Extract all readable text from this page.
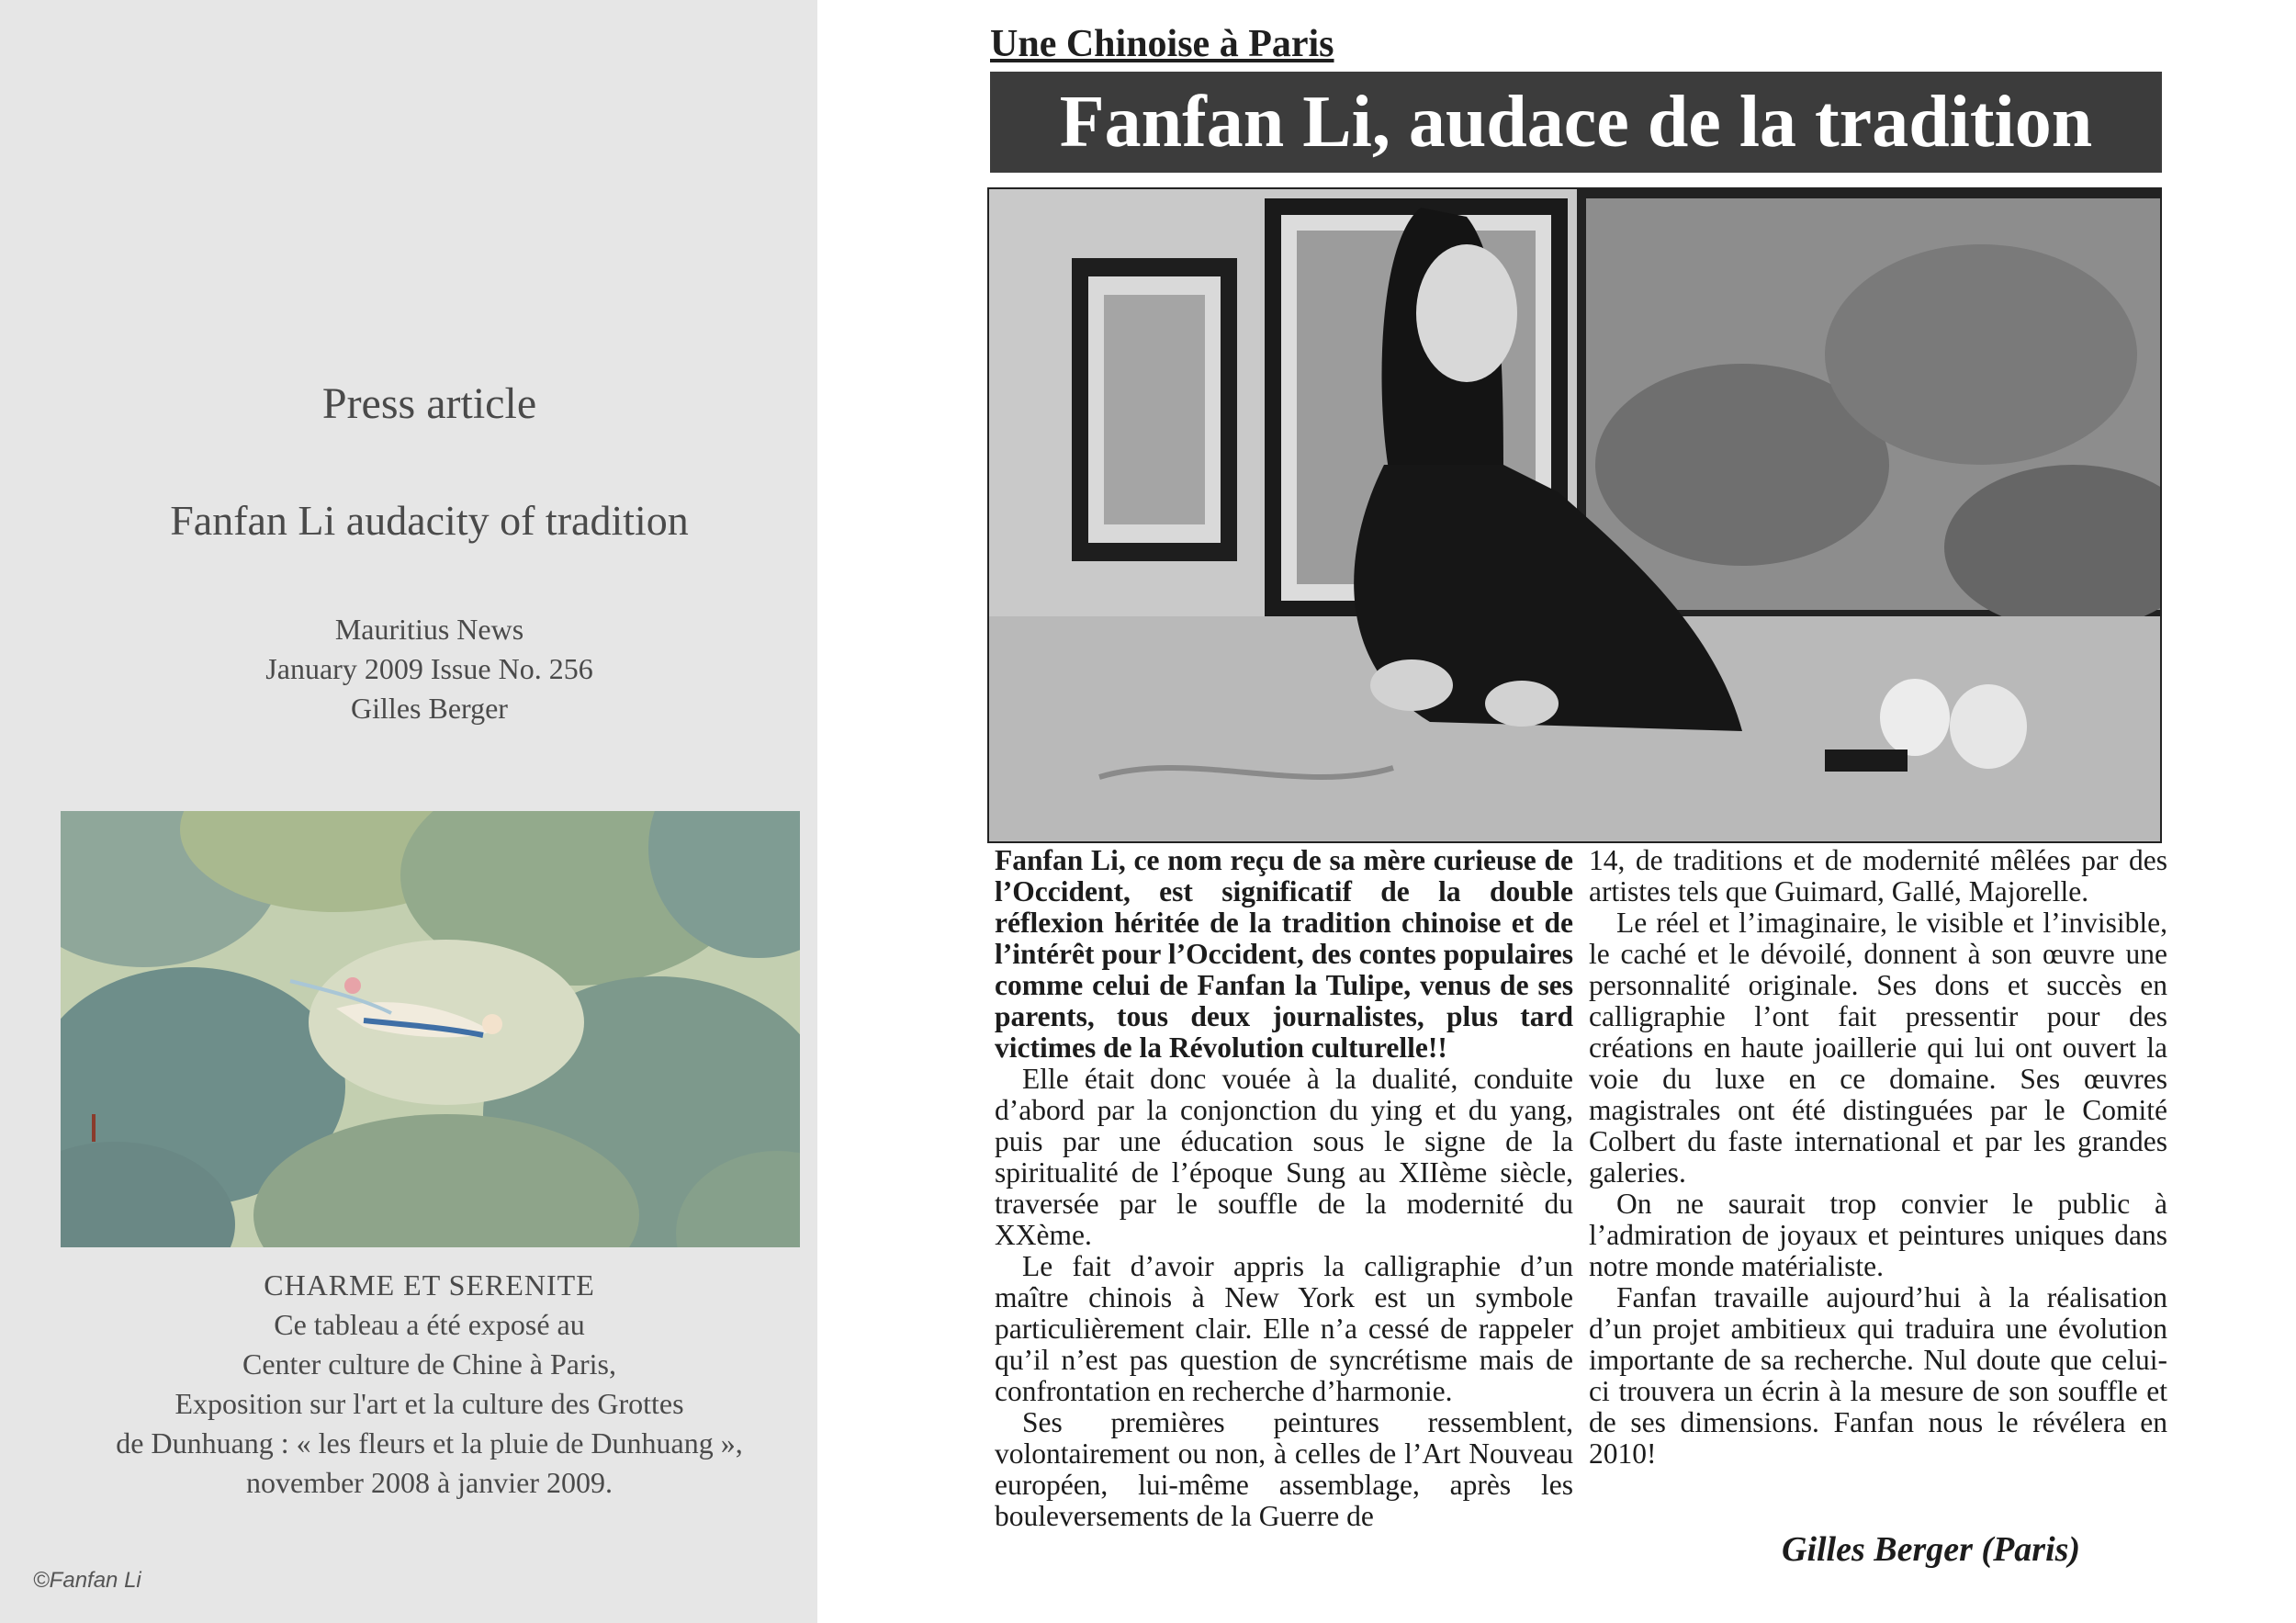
Press article
Fanfan Li audacity of tradition
Mauritius News
January 2009 Issue No. 256
Gilles Berger
CHARME ET SERENITE
Ce tableau a été exposé au
Center culture de Chine à Paris,
Exposition sur l'art et la culture des Grottes
de Dunhuang : « les fleurs et la pluie de Dunhuang »,
november 2008 à janvier 2009.
©Fanfan Li
Une Chinoise à Paris
Fanfan Li, audace de la tradition

Fanfan Li, ce nom reçu de sa mère curieuse de l’Occident, est significatif de la double réflexion héritée de la tradition chinoise et de l’intérêt pour l’Occident, des contes populaires comme celui de Fanfan la Tulipe, venus de ses parents, tous deux journalistes, plus tard victimes de la Révolution culturelle!!

Elle était donc vouée à la dualité, conduite d’abord par la conjonction du ying et du yang, puis par une éducation sous le signe de la spiritualité de l’époque Sung au XIIème siècle, traversée par le souffle de la modernité du XXème.

Le fait d’avoir appris la calligraphie d’un maître chinois à New York est un symbole particulièrement clair. Elle n’a cessé de rappeler qu’il n’est pas question de syncrétisme mais de confrontation en recherche d’harmonie.

Ses premières peintures ressemblent, volontairement ou non, à celles de l’Art Nouveau européen, lui-même assemblage, après les bouleversements de la Guerre de

14, de traditions et de modernité mêlées par des artistes tels que Guimard, Gallé, Majorelle.

Le réel et l’imaginaire, le visible et l’invisible, le caché et le dévoilé, donnent à son œuvre une personnalité originale. Ses dons et succès en calligraphie l’ont fait pressentir pour des créations en haute joaillerie qui lui ont ouvert la voie du luxe en ce domaine. Ses œuvres magistrales ont été distinguées par le Comité Colbert du faste international et par les grandes galeries.

On ne saurait trop convier le public à l’admiration de joyaux et peintures uniques dans notre monde matérialiste.

Fanfan travaille aujourd’hui à la réalisation d’un projet ambitieux qui traduira une évolution importante de sa recherche. Nul doute que celui-ci trouvera un écrin à la mesure de son souffle et de ses dimensions. Fanfan nous le révélera en 2010!

Gilles Berger (Paris)
